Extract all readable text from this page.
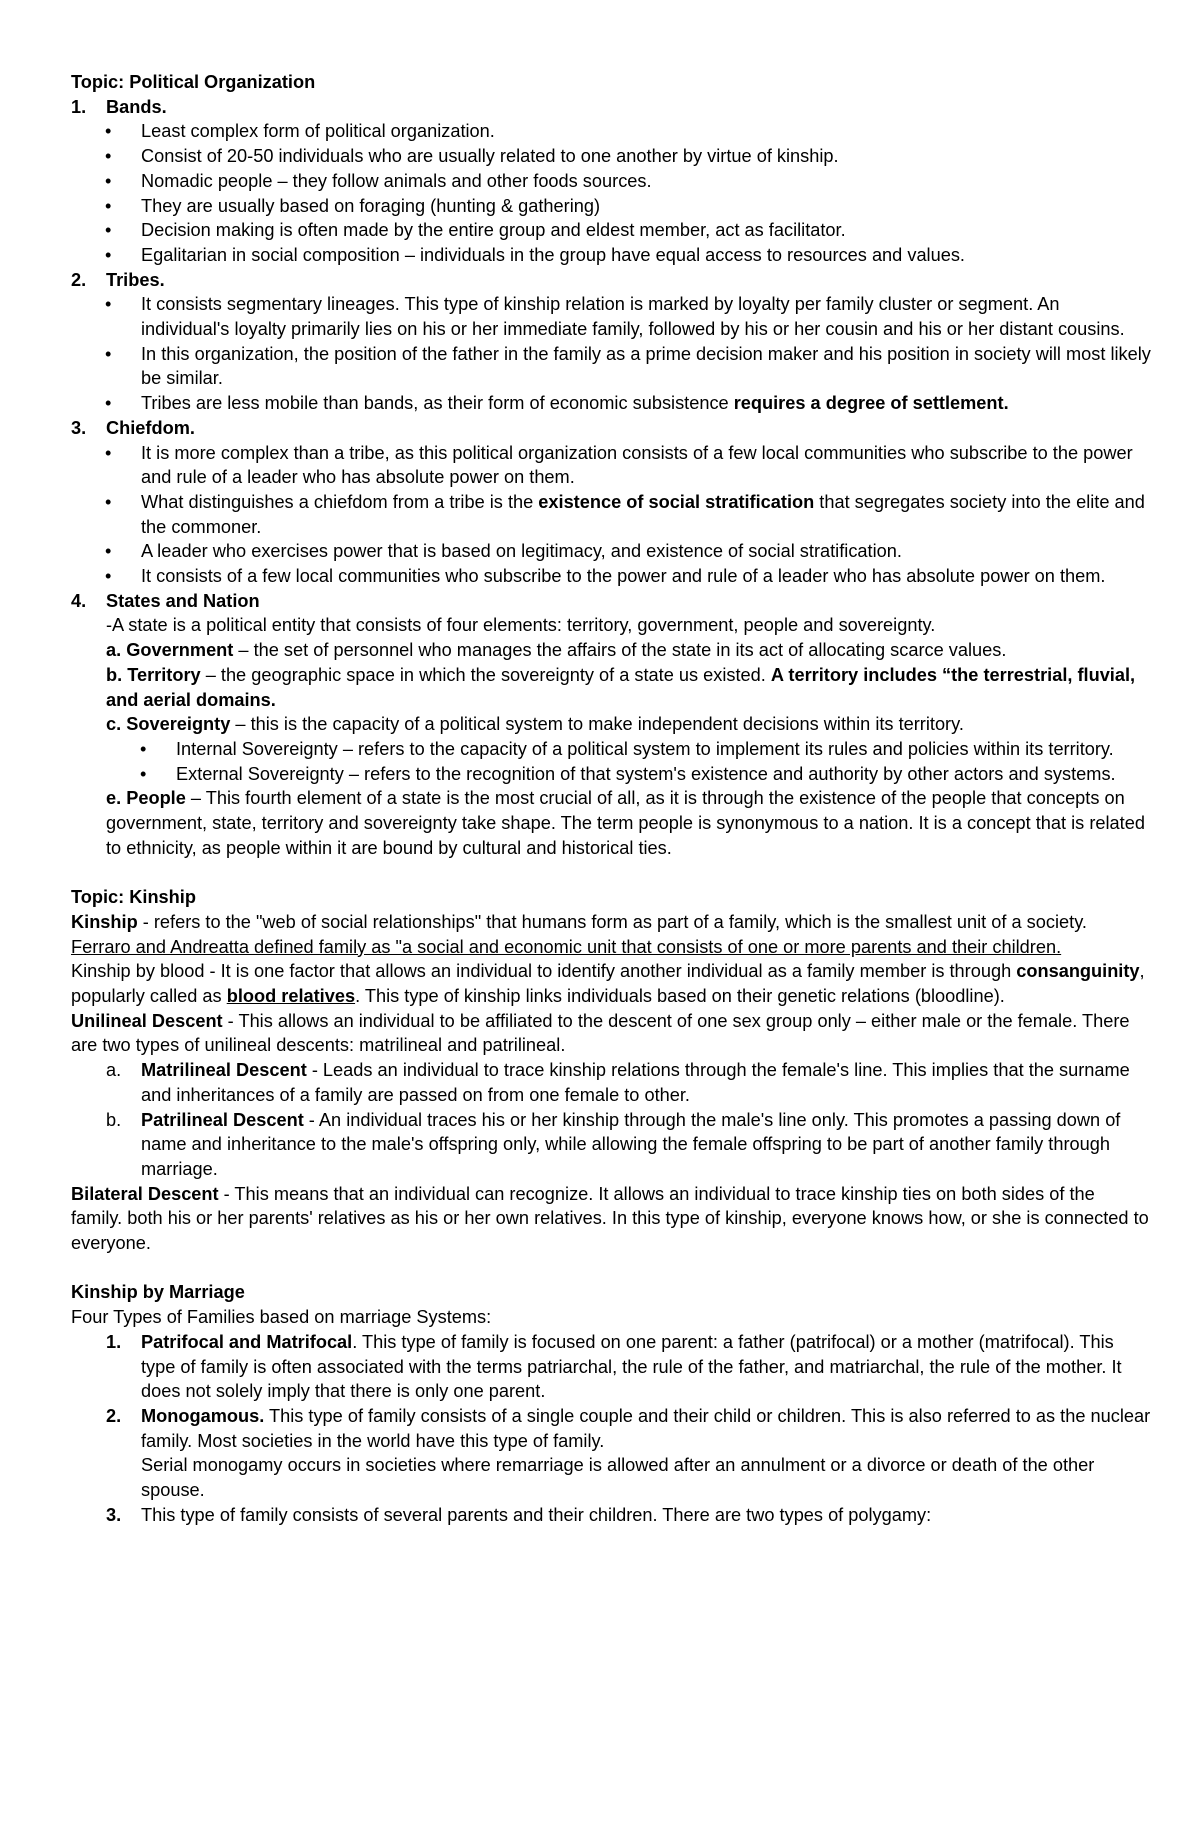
Topic: Political Organization

1.	Bands.
•
Least complex form of political organization.
•
Consist of 20-50 individuals who are usually related to one another by virtue of kinship.
•
Nomadic people – they follow animals and other foods sources.
•
They are usually based on foraging (hunting & gathering)
•
Decision making is often made by the entire group and eldest member, act as facilitator.
•
Egalitarian in social composition – individuals in the group have equal access to resources and values.
2.	Tribes.
•
It consists segmentary lineages. This type of kinship relation is marked by loyalty per family cluster or segment. An individual's loyalty primarily lies on his or her immediate family, followed by his or her cousin and his or her distant cousins.
•
In this organization, the position of the father in the family as a prime decision maker and his position in society will most likely be similar.
•
Tribes are less mobile than bands, as their form of economic subsistence requires a degree of settlement.
3.	Chiefdom.
•
It is more complex than a tribe, as this political organization consists of a few local communities who subscribe to the power and rule of a leader who has absolute power on them.
•
What distinguishes a chiefdom from a tribe is the existence of social stratification that segregates society into the elite and the commoner.
•
A leader who exercises power that is based on legitimacy, and existence of social stratification.
•
It consists of a few local communities who subscribe to the power and rule of a leader who has absolute power on them.
4.	States and Nation

-A state is a political entity that consists of four elements: territory, government, people and sovereignty.

a. Government – the set of personnel who manages the affairs of the state in its act of allocating scarce values.

b. Territory – the geographic space in which the sovereignty of a state us existed. A territory includes “the terrestrial, fluvial, and aerial domains.

c. Sovereignty – this is the capacity of a political system to make independent decisions within its territory.

•
Internal Sovereignty – refers to the capacity of a political system to implement its rules and policies within its territory.
•
External Sovereignty – refers to the recognition of that system's existence and authority by other actors and systems.

e. People – This fourth element of a state is the most crucial of all, as it is through the existence of the people that concepts on government, state, territory and sovereignty take shape. The term people is synonymous to a nation. It is a concept that is related to ethnicity, as people within it are bound by cultural and historical ties.

Topic: Kinship

Kinship - refers to the "web of social relationships" that humans form as part of a family, which is the smallest unit of a society. Ferraro and Andreatta defined family as "a social and economic unit that consists of one or more parents and their children.

Kinship by blood - It is one factor that allows an individual to identify another individual as a family member is through consanguinity, popularly called as blood relatives. This type of kinship links individuals based on their genetic relations (bloodline).

Unilineal Descent - This allows an individual to be affiliated to the descent of one sex group only – either male or the female. There are two types of unilineal descents: matrilineal and patrilineal.

a.	Matrilineal Descent - Leads an individual to trace kinship relations through the female's line. This implies that the surname and inheritances of a family are passed on from one female to other.
b.	Patrilineal Descent - An individual traces his or her kinship through the male's line only. This promotes a passing down of name and inheritance to the male's offspring only, while allowing the female offspring to be part of another family through marriage.

Bilateral Descent - This means that an individual can recognize. It allows an individual to trace kinship ties on both sides of the family. both his or her parents' relatives as his or her own relatives. In this type of kinship, everyone knows how, or she is connected to everyone.

Kinship by Marriage

Four Types of Families based on marriage Systems:

1.	Patrifocal and Matrifocal. This type of family is focused on one parent: a father (patrifocal) or a mother (matrifocal). This type of family is often associated with the terms patriarchal, the rule of the father, and matriarchal, the rule of the mother. It does not solely imply that there is only one parent.
2.	Monogamous. This type of family consists of a single couple and their child or children. This is also referred to as the nuclear family. Most societies in the world have this type of family.
Serial monogamy occurs in societies where remarriage is allowed after an annulment or a divorce or death of the other spouse.
3.	This type of family consists of several parents and their children. There are two types of polygamy:
